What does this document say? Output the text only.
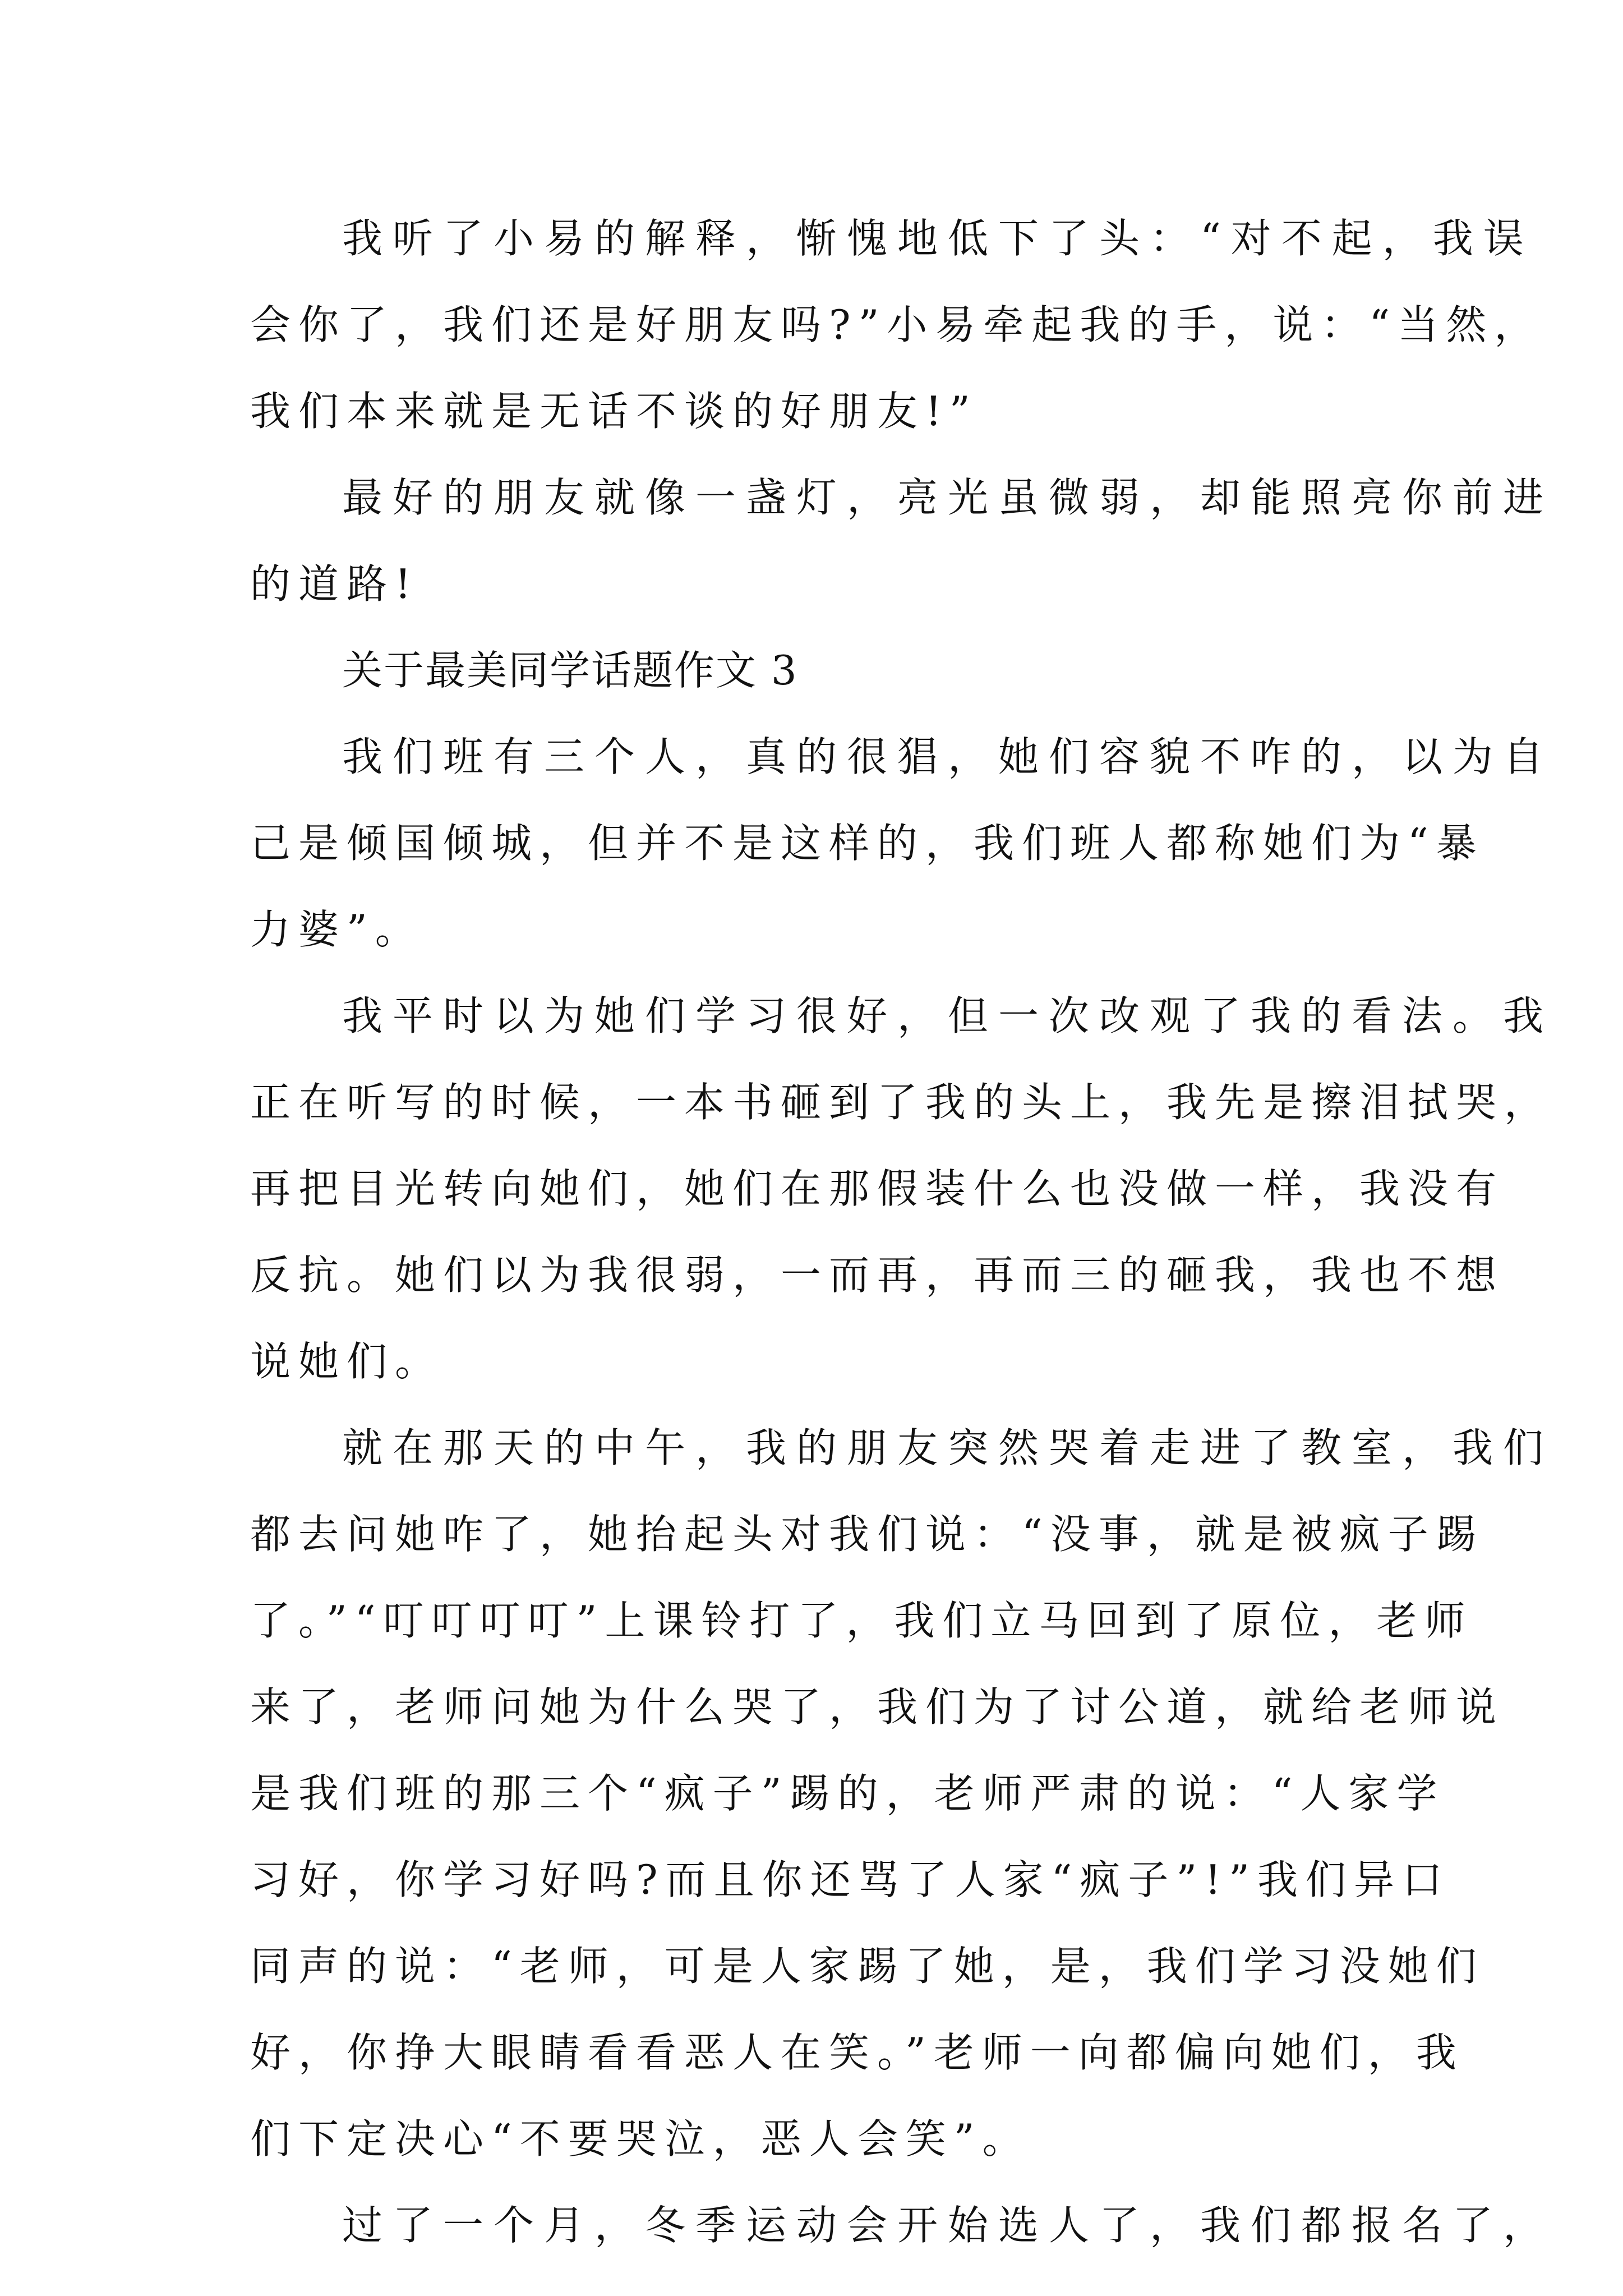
我听了小易的解释，惭愧地低下了头：“对不起，我误
会你了，我们还是好朋友吗?”小易牵起我的手，说：“当然，
我们本来就是无话不谈的好朋友!”
最好的朋友就像一盏灯，亮光虽微弱，却能照亮你前进
的道路!
关于最美同学话题作文 3
我们班有三个人，真的很猖，她们容貌不咋的，以为自
己是倾国倾城，但并不是这样的，我们班人都称她们为“暴
力婆”。
我平时以为她们学习很好，但一次改观了我的看法。我
正在听写的时候，一本书砸到了我的头上，我先是擦泪拭哭，
再把目光转向她们，她们在那假装什么也没做一样，我没有
反抗。她们以为我很弱，一而再，再而三的砸我，我也不想
说她们。
就在那天的中午，我的朋友突然哭着走进了教室，我们
都去问她咋了，她抬起头对我们说：“没事，就是被疯子踢
了。”“叮叮叮叮”上课铃打了，我们立马回到了原位，老师
来了，老师问她为什么哭了，我们为了讨公道，就给老师说
是我们班的那三个“疯子”踢的，老师严肃的说：“人家学
习好，你学习好吗?而且你还骂了人家“疯子”!”我们异口
同声的说：“老师，可是人家踢了她，是，我们学习没她们
好，你挣大眼睛看看恶人在笑。”老师一向都偏向她们，我
们下定决心“不要哭泣，恶人会笑”。
过了一个月，冬季运动会开始选人了，我们都报名了，
